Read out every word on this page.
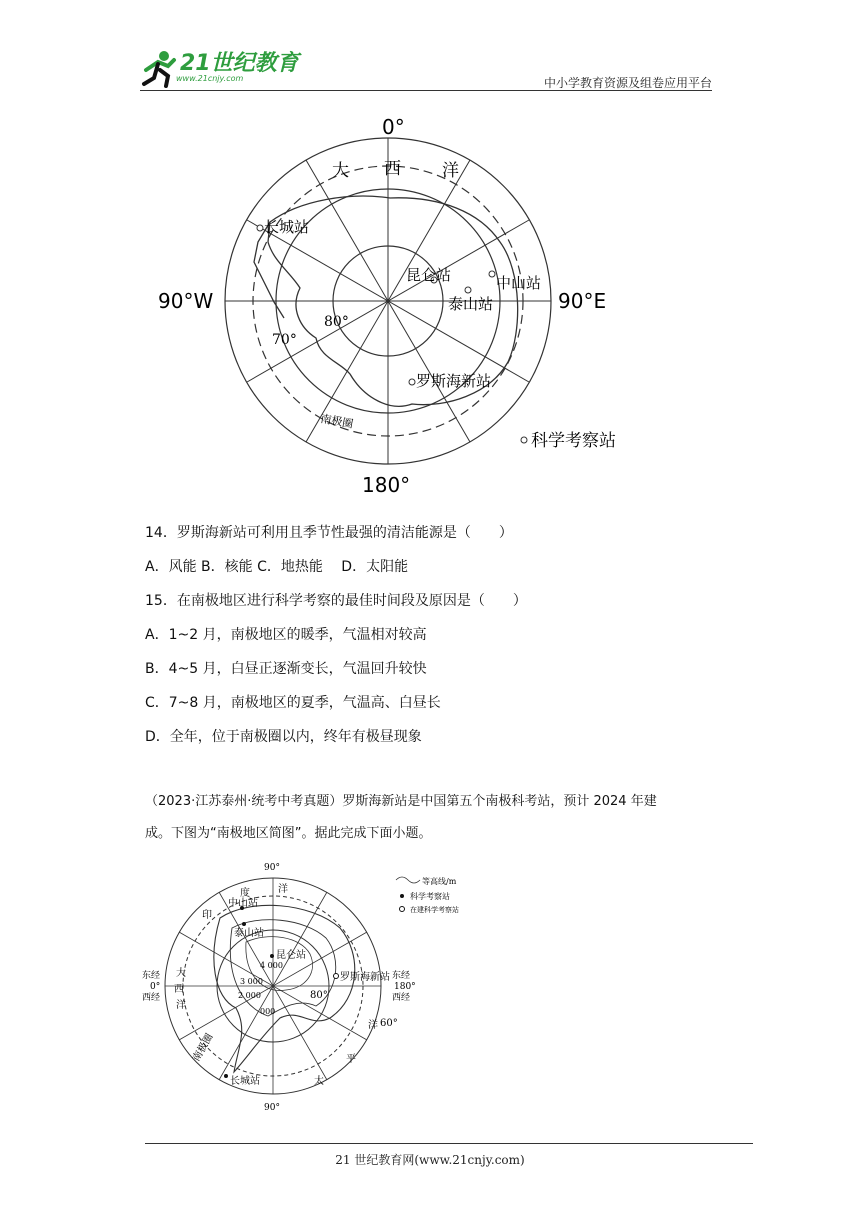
21世纪教育
www.21cnjy.com	中小学教育资源及组卷应用平台
0°
180°
90°W	90°E
大 西 洋
长城站
昆仑站	中山站
泰山站
罗斯海新站
80°
70°
南极圈
科学考察站
14．罗斯海新站可利用且季节性最强的清洁能源是（　　）
A．风能 B．核能 C．地热能　 D．太阳能
15．在南极地区进行科学考察的最佳时间段及原因是（　　）
A．1~2 月，南极地区的暖季，气温相对较高
B．4~5 月，白昼正逐渐变长，气温回升较快
C．7~8 月，南极地区的夏季，气温高、白昼长
D．全年，位于南极圈以内，终年有极昼现象
（2023·江苏泰州·统考中考真题）罗斯海新站是中国第五个南极科考站，预计 2024 年建
成。下图为“南极地区简图”。据此完成下面小题。
90°
90°
东经
0°
西经
东经
180°
西经
印
度	洋
大
西
洋
洋
平
太
中山站
泰山站
昆仑站
罗斯海新站
长城站
4 000
3 000
2 000
000
80°
60°
南极圈
等高线/m
科学考察站
在建科学考察站
21 世纪教育网(www.21cnjy.com)
